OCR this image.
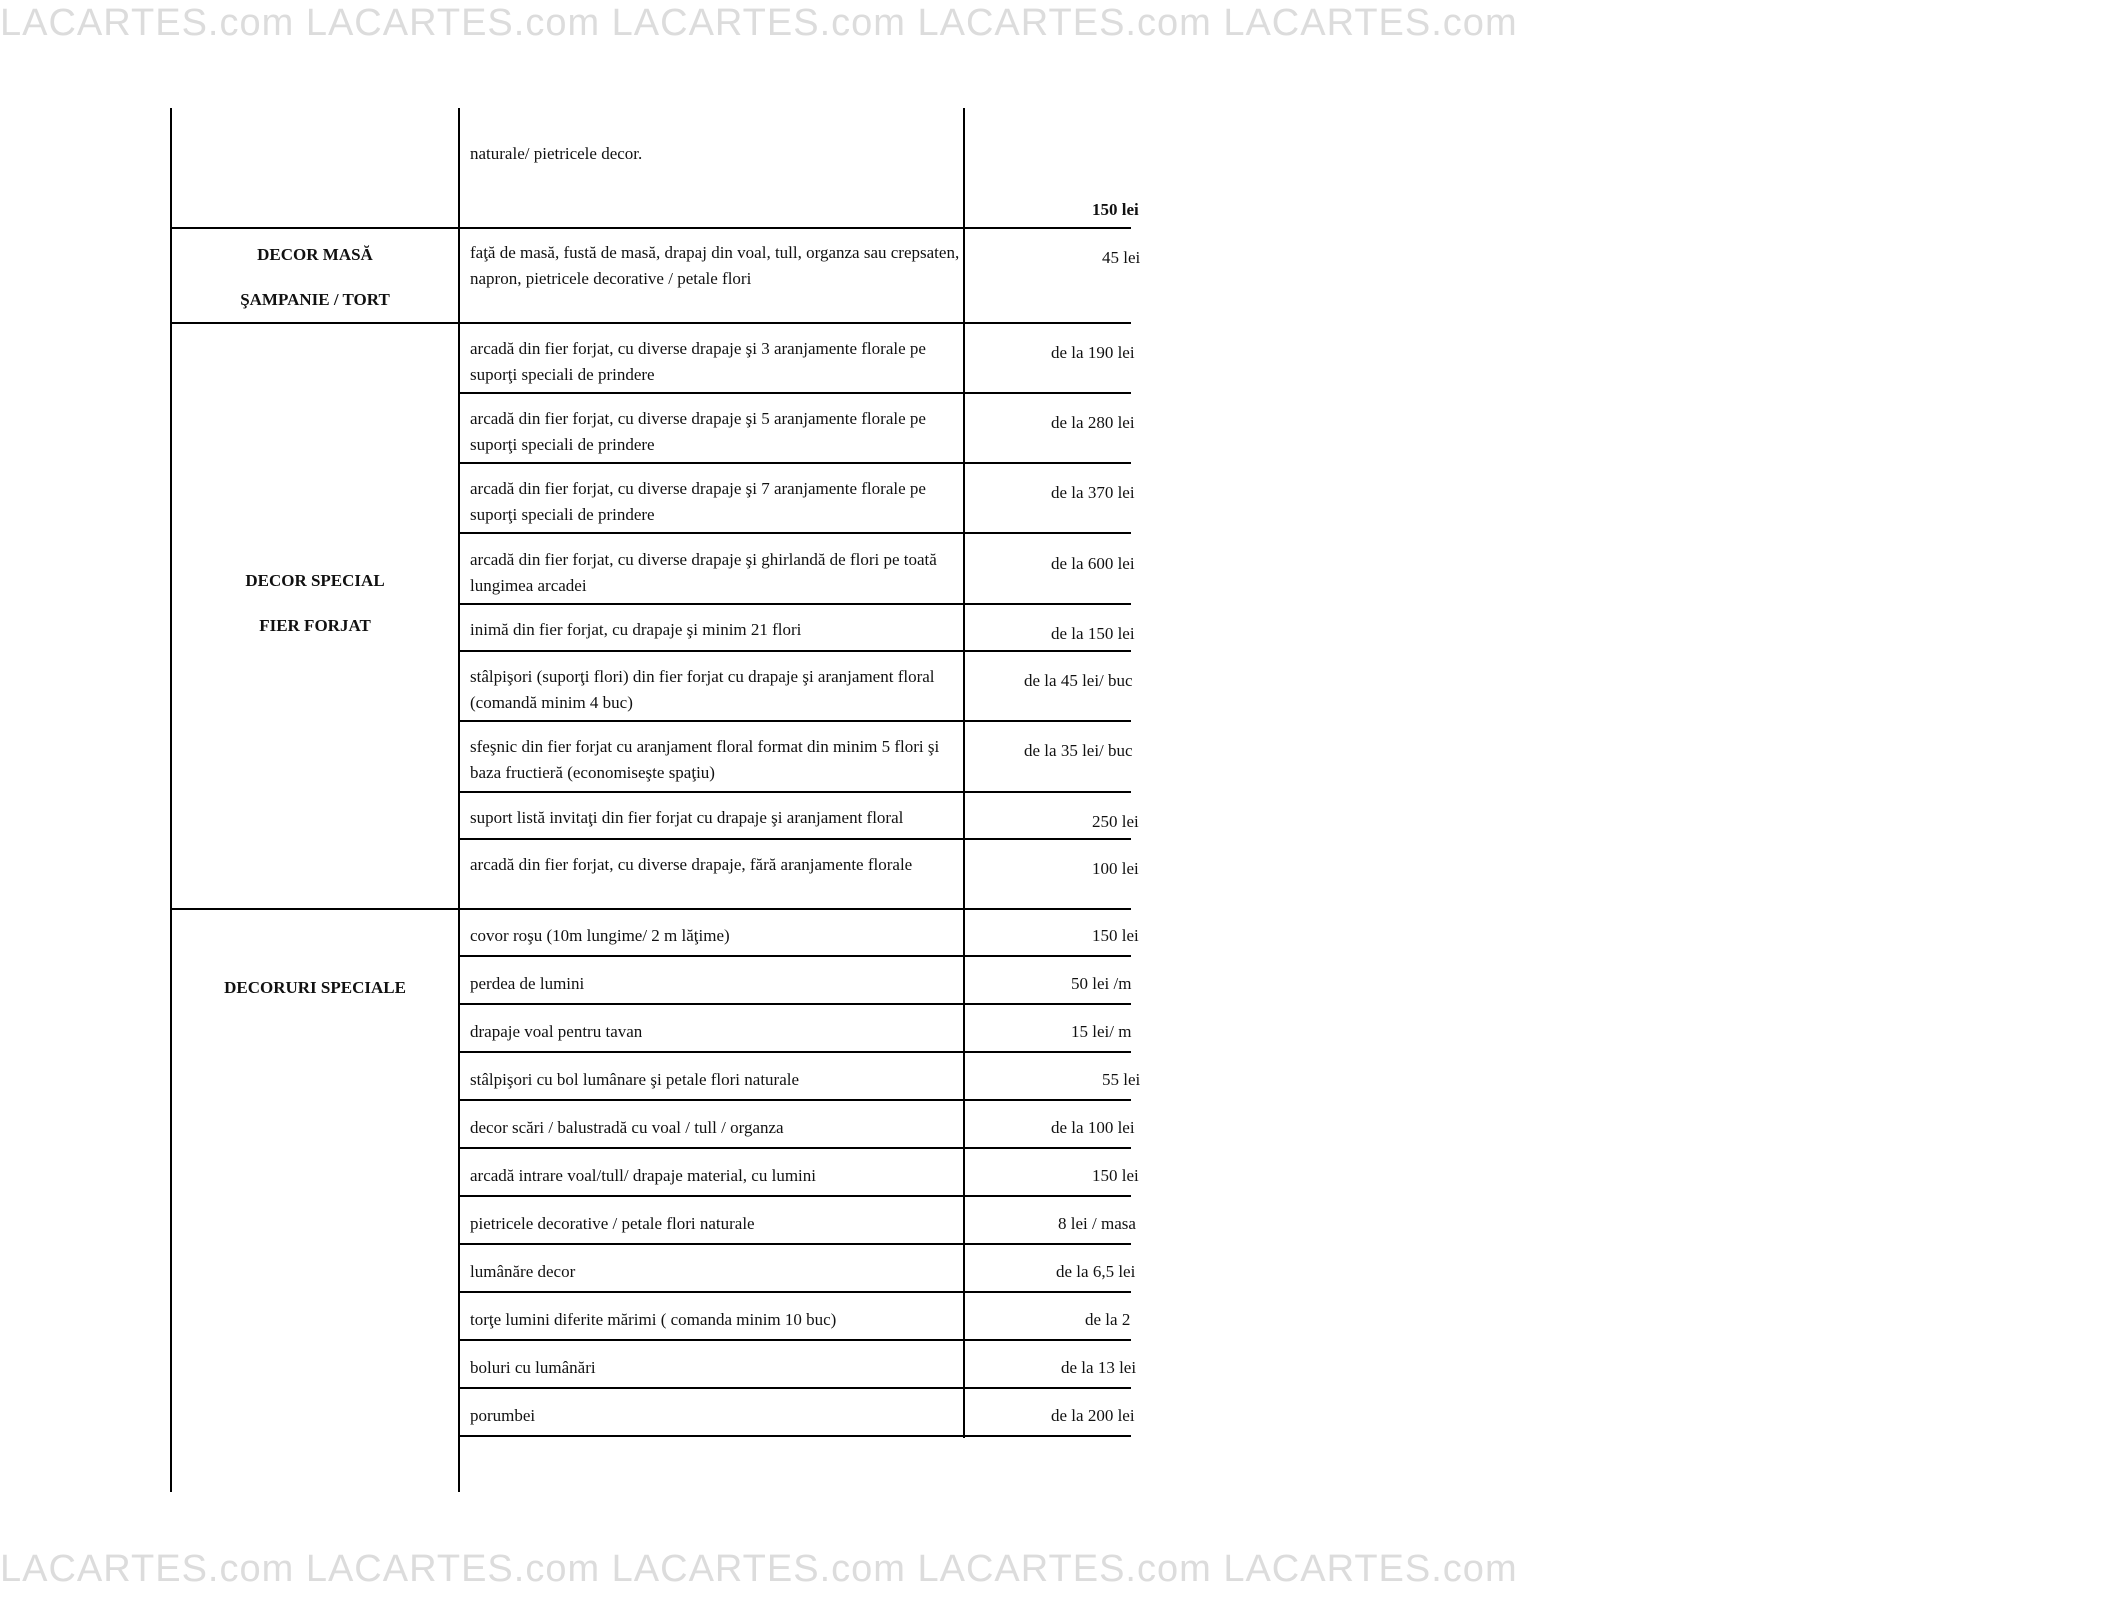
LACARTES.com LACARTES.com LACARTES.com LACARTES.com LACARTES.com
DECOR MASĂ
ŞAMPANIE / TORT
DECOR SPECIAL
FIER FORJAT
DECORURI SPECIALE
naturale/ pietricele decor.
faţă de masă, fustă de masă, drapaj din voal, tull, organza sau crepsaten, napron, pietricele decorative / petale flori
arcadă din fier forjat, cu diverse drapaje şi 3 aranjamente florale pe suporţi speciali de prindere
arcadă din fier forjat, cu diverse drapaje şi 5 aranjamente florale pe suporţi speciali de prindere
arcadă din fier forjat, cu diverse drapaje şi 7 aranjamente florale pe suporţi speciali de prindere
arcadă din fier forjat, cu diverse drapaje şi ghirlandă de flori pe toată lungimea arcadei
inimă din fier forjat, cu drapaje şi minim 21 flori
stâlpişori (suporţi flori) din fier forjat cu drapaje şi aranjament floral (comandă minim 4 buc)
sfeşnic din fier forjat cu aranjament floral format din minim 5 flori şi baza fructieră (economiseşte spaţiu)
suport listă invitaţi din fier forjat cu drapaje şi aranjament floral
arcadă din fier forjat, cu diverse drapaje, fără aranjamente florale
covor roşu (10m lungime/ 2 m lăţime)
perdea de lumini
drapaje voal pentru tavan
stâlpişori cu bol lumânare şi petale flori naturale
decor scări / balustradă cu voal / tull / organza
arcadă intrare voal/tull/ drapaje material, cu lumini
pietricele decorative / petale flori naturale
lumânăre decor
torţe lumini diferite mărimi ( comanda minim 10 buc)
boluri cu lumânări
porumbei
150 lei
45 lei
de la 190 lei
de la 280 lei
de la 370 lei
de la 600 lei
de la 150 lei
de la 45 lei/ buc
de la 35 lei/ buc
250 lei
100 lei
150 lei
50 lei /m
15 lei/ m
55 lei
de la 100 lei
150 lei
8 lei / masa
de la 6,5 lei
de la 2
de la 13 lei
de la 200 lei
LACARTES.com LACARTES.com LACARTES.com LACARTES.com LACARTES.com
